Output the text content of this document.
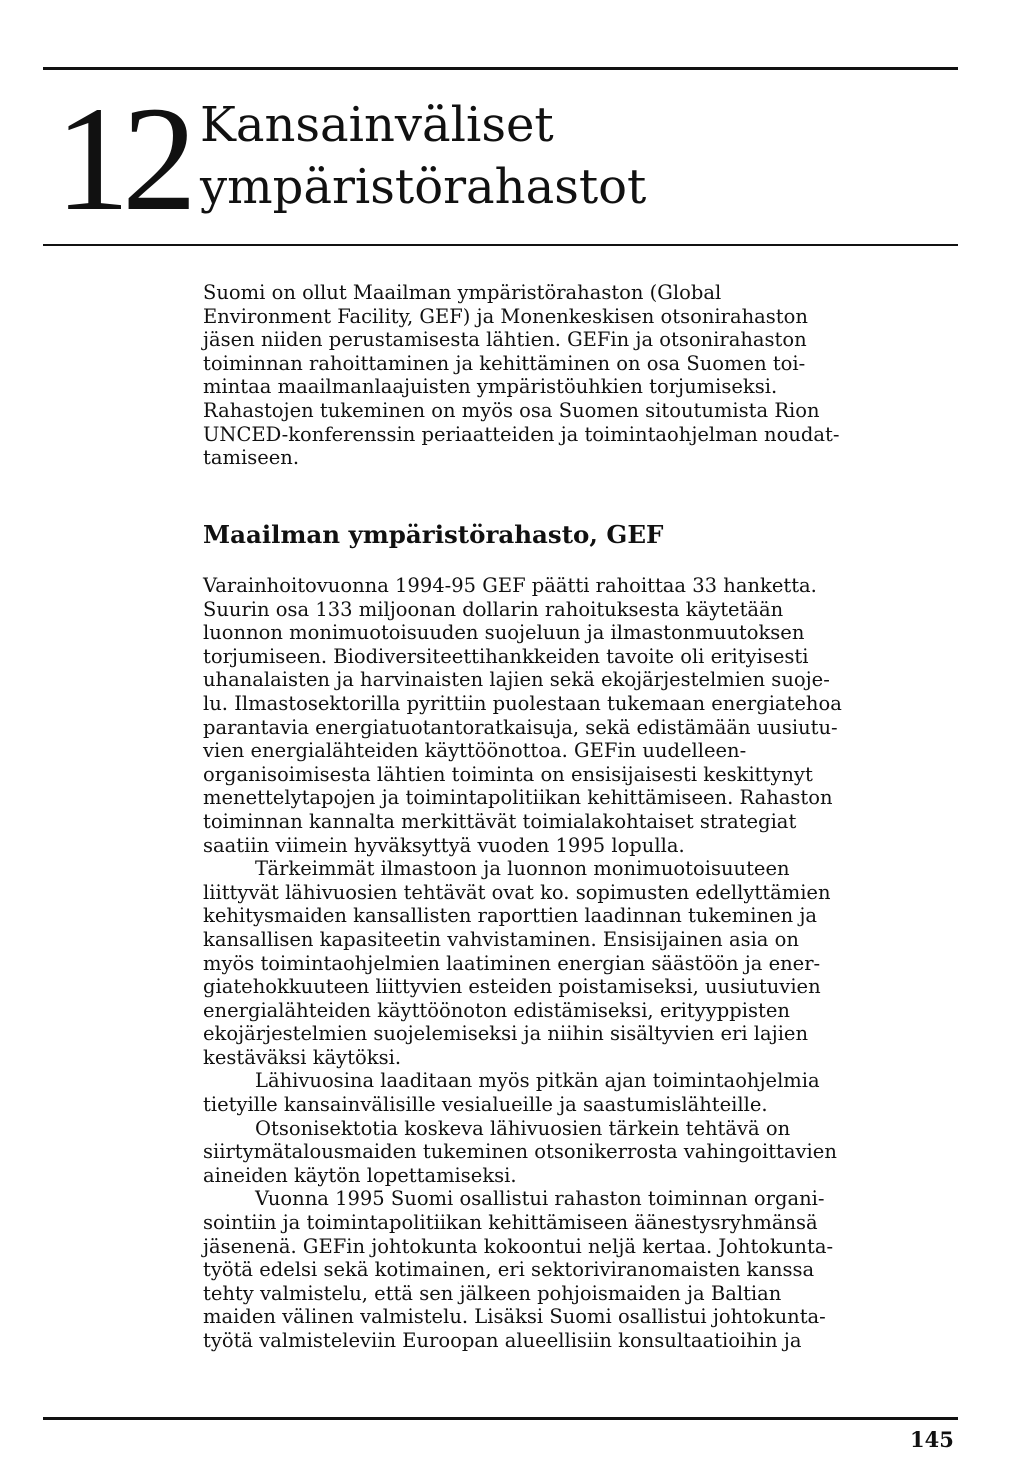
12 Kansainväliset
ympäristörahastot
Suomi on ollut Maailman ympäristörahaston (Global
Environment Facility, GEF) ja Monenkeskisen otsonirahaston
jäsen niiden perustamisesta lähtien. GEFin ja otsonirahaston
toiminnan rahoittaminen ja kehittäminen on osa Suomen toi-
mintaa maailmanlaajuisten ympäristöuhkien torjumiseksi.
Rahastojen tukeminen on myös osa Suomen sitoutumista Rion
UNCED-konferenssin periaatteiden ja toimintaohjelman noudat-
tamiseen.
Maailman ympäristörahasto, GEF
Varainhoitovuonna 1994-95 GEF päätti rahoittaa 33 hanketta.
Suurin osa 133 miljoonan dollarin rahoituksesta käytetään
luonnon monimuotoisuuden suojeluun ja ilmastonmuutoksen
torjumiseen. Biodiversiteettihankkeiden tavoite oli erityisesti
uhanalaisten ja harvinaisten lajien sekä ekojärjestelmien suoje-
lu. Ilmastosektorilla pyrittiin puolestaan tukemaan energiatehoa
parantavia energiatuotantoratkaisuja, sekä edistämään uusiutu-
vien energialähteiden käyttöönottoa. GEFin uudelleen-
organisoimisesta lähtien toiminta on ensisijaisesti keskittynyt
menettelytapojen ja toimintapolitiikan kehittämiseen. Rahaston
toiminnan kannalta merkittävät toimialakohtaiset strategiat
saatiin viimein hyväksyttyä vuoden 1995 lopulla.
Tärkeimmät ilmastoon ja luonnon monimuotoisuuteen
liittyvät lähivuosien tehtävät ovat ko. sopimusten edellyttämien
kehitysmaiden kansallisten raporttien laadinnan tukeminen ja
kansallisen kapasiteetin vahvistaminen. Ensisijainen asia on
myös toimintaohjelmien laatiminen energian säästöön ja ener-
giatehokkuuteen liittyvien esteiden poistamiseksi, uusiutuvien
energialähteiden käyttöönoton edistämiseksi, erityyppisten
ekojärjestelmien suojelemiseksi ja niihin sisältyvien eri lajien
kestäväksi käytöksi.
Lähivuosina laaditaan myös pitkän ajan toimintaohjelmia
tietyille kansainvälisille vesialueille ja saastumislähteille.
Otsonisektotia koskeva lähivuosien tärkein tehtävä on
siirtymätalousmaiden tukeminen otsonikerrosta vahingoittavien
aineiden käytön lopettamiseksi.
Vuonna 1995 Suomi osallistui rahaston toiminnan organi-
sointiin ja toimintapolitiikan kehittämiseen äänestysryhmänsä
jäsenenä. GEFin johtokunta kokoontui neljä kertaa. Johtokunta-
työtä edelsi sekä kotimainen, eri sektoriviranomaisten kanssa
tehty valmistelu, että sen jälkeen pohjoismaiden ja Baltian
maiden välinen valmistelu. Lisäksi Suomi osallistui johtokunta-
työtä valmisteleviin Euroopan alueellisiin konsultaatioihin ja
145
